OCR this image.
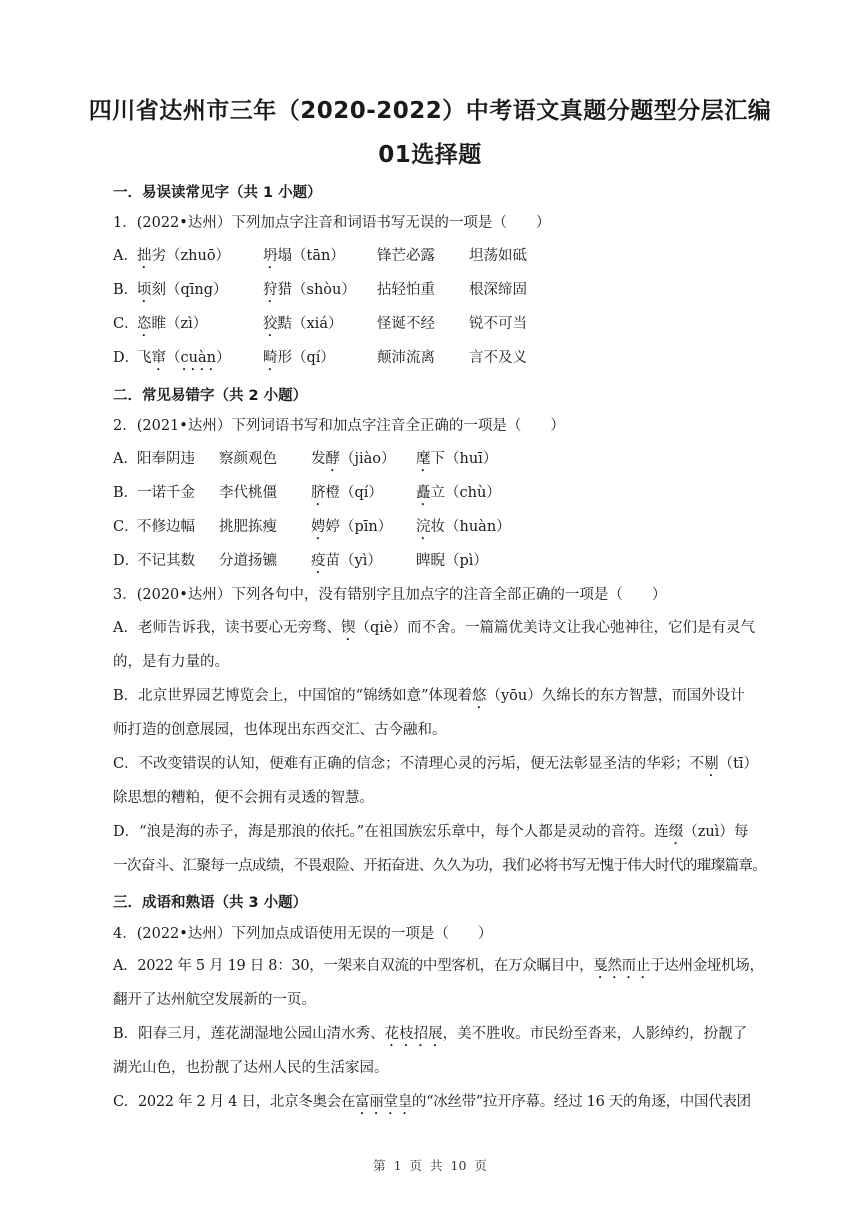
四川省达州市三年（2020-2022）中考语文真题分题型分层汇编
01选择题
一．易误读常见字（共 1 小题）
1．(2022•达州）下列加点字注音和词语书写无误的一项是（　　）
A． 拙劣（zhuō） 坍塌（tān） 锋芒必露 坦荡如砥
B．
顷刻（qīng） 狩猎（shòu） 拈轻怕重 根深缔固
C．
恣睢（zì）	狡黠（xiá） 怪诞不经 锐不可当
D．
飞窜（cuàn） 畸形（qí）	颠沛流离 言不及义
二．常见易错字（共 2 小题）
2．(2021•达州）下列词语书写和加点字注音全正确的一项是（　　）
A． 阳奉阴违 察颜观色 发酵（jiào） 麾下（huī）
B．
一诺千金 李代桃僵 脐橙（qí） 矗立（chù）
C．
不修边幅 挑肥拣瘦 娉婷（pīn） 浣妆（huàn）
D．
不记其数 分道扬镳 疫苗（yì） 睥睨（pì）
3．(2020•达州）下列各句中，没有错别字且加点字的注音全部正确的一项是（　　）
A．老师告诉我，读书要心无旁骛、锲（qiè）而不舍。一篇篇优美诗文让我心弛神往，它们是有灵气
的，是有力量的。
B．北京世界园艺博览会上，中国馆的“锦绣如意”体现着悠（yōu）久绵长的东方智慧，而国外设计
师打造的创意展园，也体现出东西交汇、古今融和。
C．不改变错误的认知，便难有正确的信念；不清理心灵的污垢，便无法彰显圣洁的华彩；不剔（tī）
除思想的糟粕，便不会拥有灵透的智慧。
D．“浪是海的赤子，海是那浪的依托。”在祖国族宏乐章中，每个人都是灵动的音符。连缀（zuì）每
一次奋斗、汇聚每一点成绩，不畏艰险、开拓奋进、久久为功，我们必将书写无愧于伟大时代的璀璨篇章。
三．成语和熟语（共 3 小题）
4．(2022•达州）下列加点成语使用无误的一项是（　　）
A．2022 年 5 月 19 日 8：30，一架来自双流的中型客机，在万众瞩目中，戛然而止于达州金垭机场，
翻开了达州航空发展新的一页。
B．阳春三月，莲花湖湿地公园山清水秀、花枝招展，美不胜收。市民纷至沓来，人影绰约，扮靓了
湖光山色，也扮靓了达州人民的生活家园。
C．2022 年 2 月 4 日，北京冬奥会在富丽堂皇的“冰丝带”拉开序幕。经过 16 天的角逐，中国代表团
第 1 页 共 10 页
